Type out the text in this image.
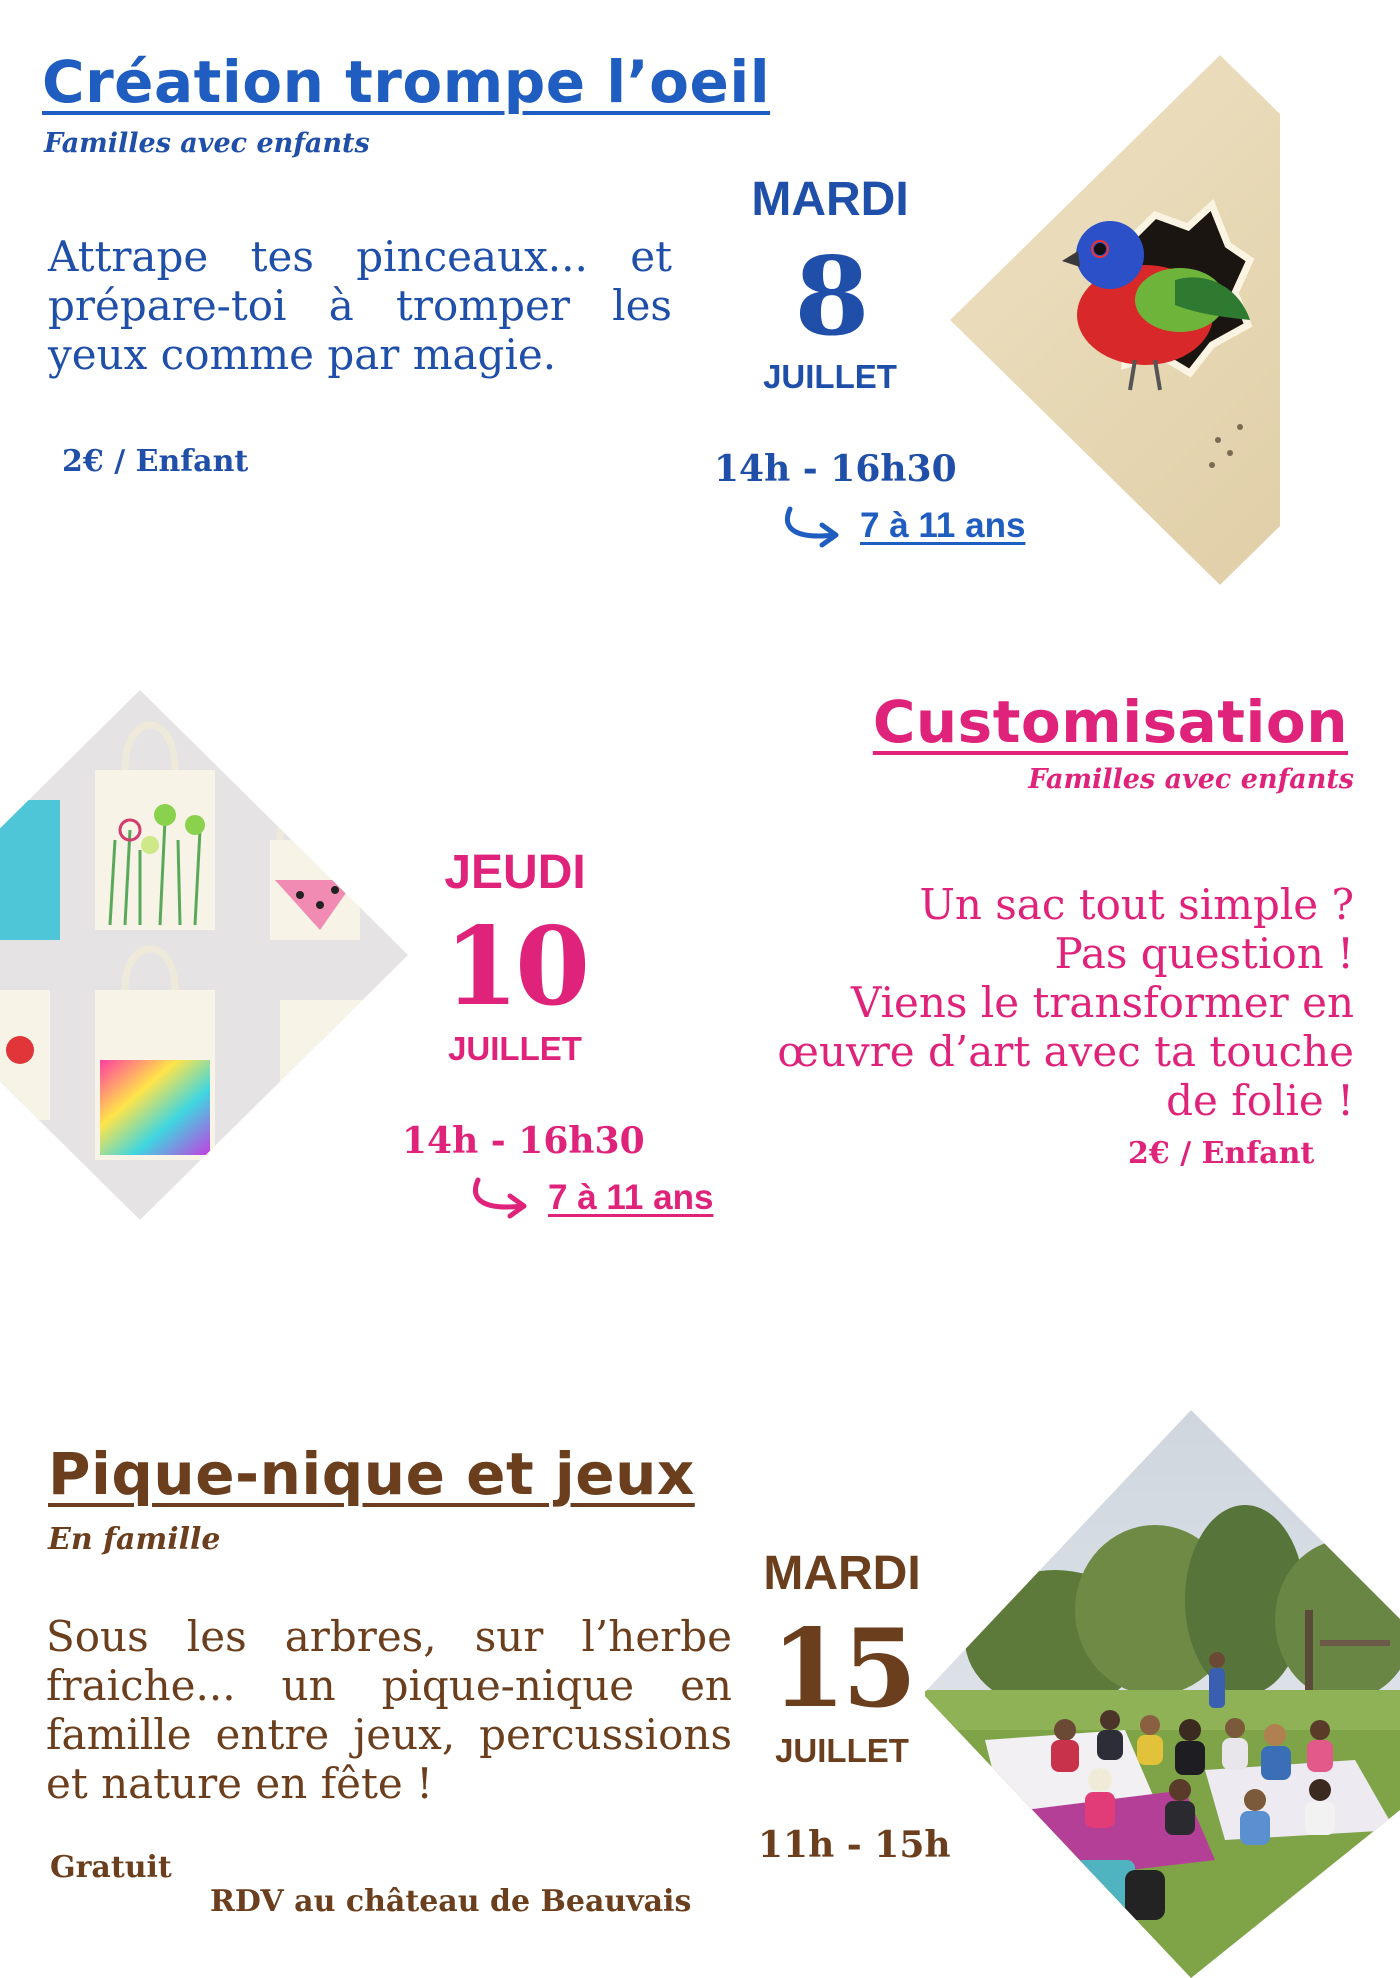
Création trompe l’oeil
Familles avec enfants
Attrape tes pinceaux... et prépare-toi à tromper les yeux comme par magie.
2€ / Enfant
MARDI
8
JUILLET
14h - 16h30
7 à 11 ans
JEUDI
10
JUILLET
14h - 16h30
7 à 11 ans
Customisation
Familles avec enfants
Un sac tout simple ?
Pas question !
Viens le transformer en
œuvre d’art avec ta touche
de folie !
2€ / Enfant
Pique-nique et jeux
En famille
Sous les arbres, sur l’herbe fraiche... un pique-nique en famille entre jeux, percussions et nature en fête !
Gratuit
RDV au château de Beauvais
MARDI
15
JUILLET
11h - 15h
